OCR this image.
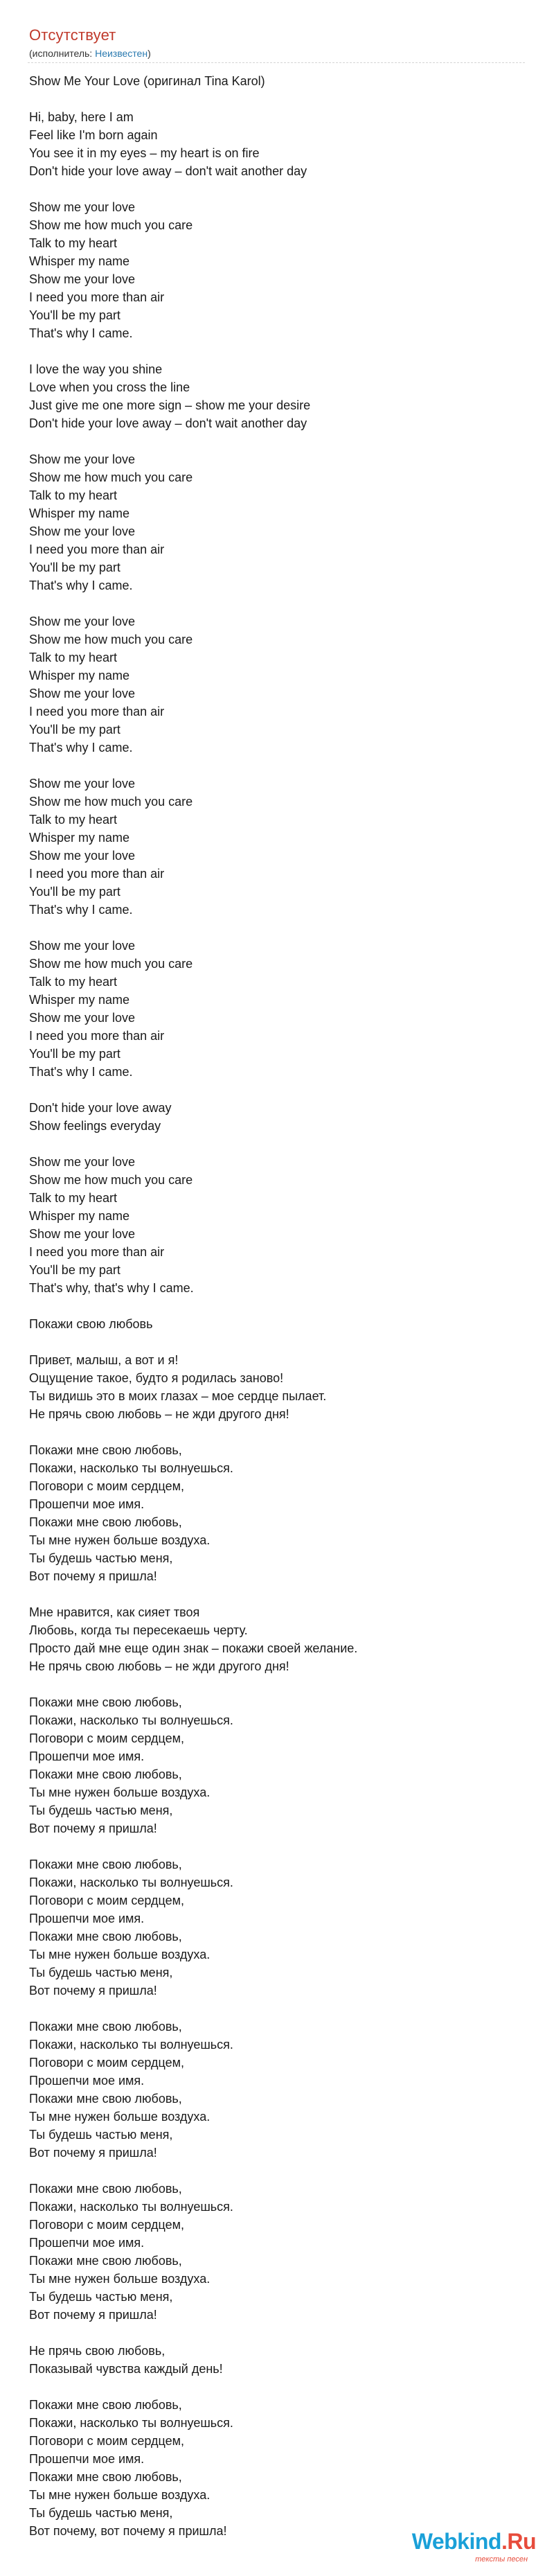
Отсутствует
(исполнитель: Неизвестен)
Show Me Your Love (оригинал Tina Karol)
Hi, baby, here I am
Feel like I'm born again
You see it in my eyes – my heart is on fire
Don't hide your love away – don't wait another day
Show me your love
Show me how much you care
Talk to my heart
Whisper my name
Show me your love
I need you more than air
You'll be my part
That's why I came.
I love the way you shine
Love when you cross the line
Just give me one more sign – show me your desire
Don't hide your love away – don't wait another day
Show me your love
Show me how much you care
Talk to my heart
Whisper my name
Show me your love
I need you more than air
You'll be my part
That's why I came.
Show me your love
Show me how much you care
Talk to my heart
Whisper my name
Show me your love
I need you more than air
You'll be my part
That's why I came.
Show me your love
Show me how much you care
Talk to my heart
Whisper my name
Show me your love
I need you more than air
You'll be my part
That's why I came.
Show me your love
Show me how much you care
Talk to my heart
Whisper my name
Show me your love
I need you more than air
You'll be my part
That's why I came.
Don't hide your love away
Show feelings everyday
Show me your love
Show me how much you care
Talk to my heart
Whisper my name
Show me your love
I need you more than air
You'll be my part
That's why, that's why I came.
Покажи свою любовь
Привет, малыш, а вот и я!
Ощущение такое, будто я родилась заново!
Ты видишь это в моих глазах – мое сердце пылает.
Не прячь свою любовь – не жди другого дня!
Покажи мне свою любовь,
Покажи, насколько ты волнуешься.
Поговори с моим сердцем,
Прошепчи мое имя.
Покажи мне свою любовь,
Ты мне нужен больше воздуха.
Ты будешь частью меня,
Вот почему я пришла!
Мне нравится, как сияет твоя
Любовь, когда ты пересекаешь черту.
Просто дай мне еще один знак – покажи своей желание.
Не прячь свою любовь – не жди другого дня!
Покажи мне свою любовь,
Покажи, насколько ты волнуешься.
Поговори с моим сердцем,
Прошепчи мое имя.
Покажи мне свою любовь,
Ты мне нужен больше воздуха.
Ты будешь частью меня,
Вот почему я пришла!
Покажи мне свою любовь,
Покажи, насколько ты волнуешься.
Поговори с моим сердцем,
Прошепчи мое имя.
Покажи мне свою любовь,
Ты мне нужен больше воздуха.
Ты будешь частью меня,
Вот почему я пришла!
Покажи мне свою любовь,
Покажи, насколько ты волнуешься.
Поговори с моим сердцем,
Прошепчи мое имя.
Покажи мне свою любовь,
Ты мне нужен больше воздуха.
Ты будешь частью меня,
Вот почему я пришла!
Покажи мне свою любовь,
Покажи, насколько ты волнуешься.
Поговори с моим сердцем,
Прошепчи мое имя.
Покажи мне свою любовь,
Ты мне нужен больше воздуха.
Ты будешь частью меня,
Вот почему я пришла!
Не прячь свою любовь,
Показывай чувства каждый день!
Покажи мне свою любовь,
Покажи, насколько ты волнуешься.
Поговори с моим сердцем,
Прошепчи мое имя.
Покажи мне свою любовь,
Ты мне нужен больше воздуха.
Ты будешь частью меня,
Вот почему, вот почему я пришла!	Webkind.Ru
тексты песен
